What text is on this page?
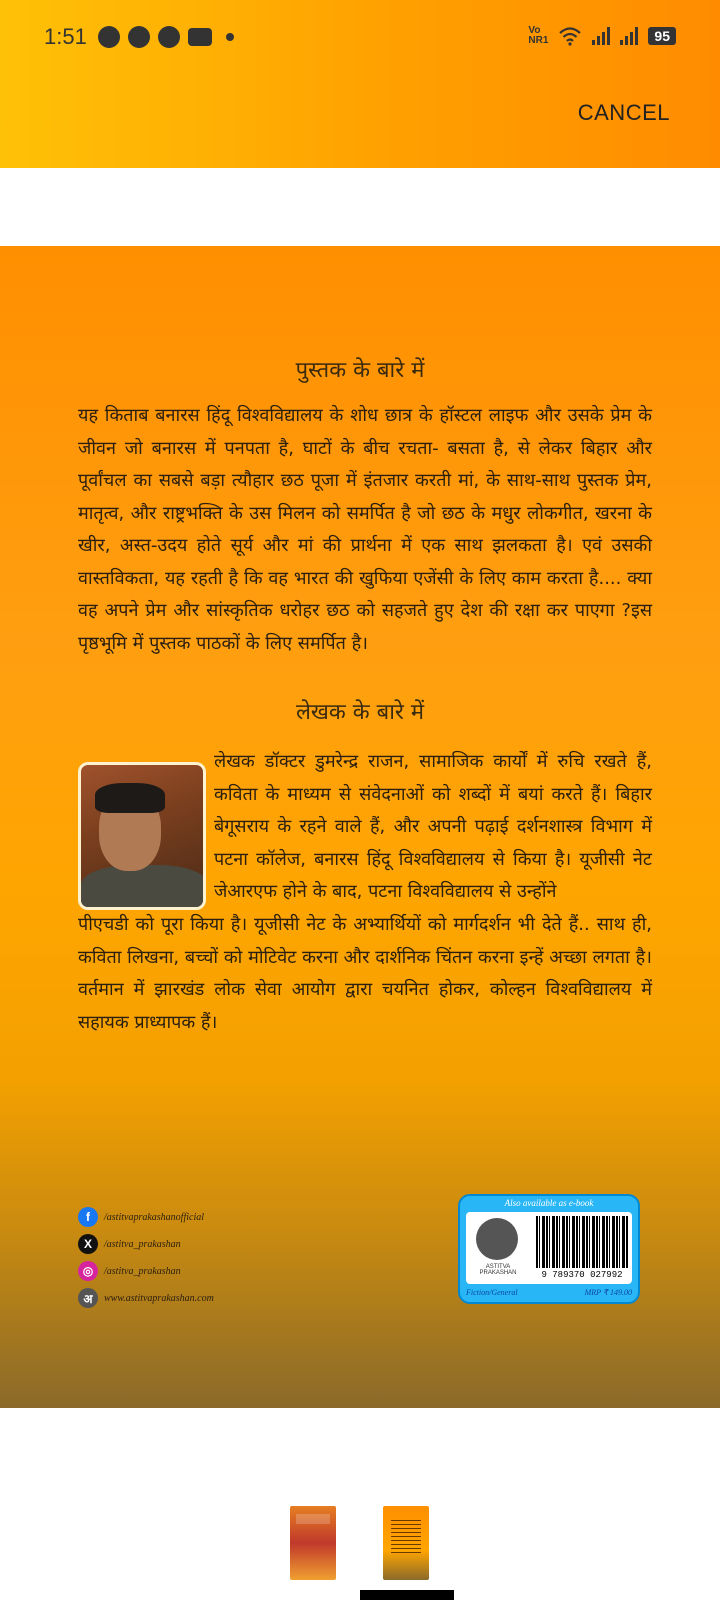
1:51	Vo
NR1	95
CANCEL
पुस्तक के बारे में
यह किताब बनारस हिंदू विश्वविद्यालय के शोध छात्र के हॉस्टल लाइफ और उसके प्रेम के जीवन जो बनारस में पनपता है, घाटों के बीच रचता- बसता है, से लेकर बिहार और पूर्वांचल का सबसे बड़ा त्यौहार छठ पूजा में इंतजार करती मां, के साथ-साथ पुस्तक प्रेम, मातृत्व, और राष्ट्रभक्ति के उस मिलन को समर्पित है जो छठ के मधुर लोकगीत, खरना के खीर, अस्त-उदय होते सूर्य और मां की प्रार्थना में एक साथ झलकता है। एवं उसकी वास्तविकता, यह रहती है कि वह भारत की खुफिया एजेंसी के लिए काम करता है.... क्या वह अपने प्रेम और सांस्कृतिक धरोहर छठ को सहजते हुए देश की रक्षा कर पाएगा ?इस पृष्ठभूमि में पुस्तक पाठकों के लिए समर्पित है।
लेखक के बारे में
लेखक डॉक्टर डुमरेन्द्र राजन, सामाजिक कार्यों में रुचि रखते हैं, कविता के माध्यम से संवेदनाओं को शब्दों में बयां करते हैं। बिहार बेगूसराय के रहने वाले हैं, और अपनी पढ़ाई दर्शनशास्त्र विभाग में पटना कॉलेज, बनारस हिंदू विश्वविद्यालय से किया है। यूजीसी नेट जेआरएफ होने के बाद, पटना विश्वविद्यालय से उन्होंने
पीएचडी को पूरा किया है। यूजीसी नेट के अभ्यार्थियों को मार्गदर्शन भी देते हैं.. साथ ही, कविता लिखना, बच्चों को मोटिवेट करना और दार्शनिक चिंतन करना इन्हें अच्छा लगता है। वर्तमान में झारखंड लोक सेवा आयोग द्वारा चयनित होकर, कोल्हन विश्वविद्यालय में सहायक प्राध्यापक हैं।
f	/astitvaprakashanofficial
X	/astitva_prakashan
◎	/astitva_prakashan
अ	www.astitvaprakashan.com
Also available as e-book
ASTITVA PRAKASHAN	9 789370 027992
Fiction/General	MRP ₹ 149.00
